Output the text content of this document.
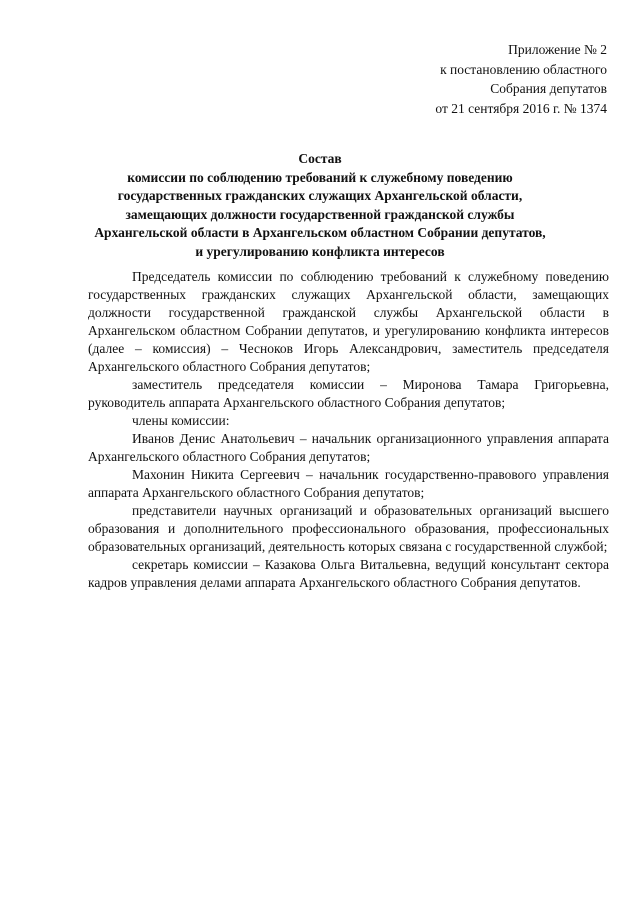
Приложение № 2
к постановлению областного
Собрания депутатов
от 21 сентября 2016 г. № 1374
Состав
комиссии по соблюдению требований к служебному поведению
государственных гражданских служащих Архангельской области,
замещающих должности государственной гражданской службы
Архангельской области в Архангельском областном Собрании депутатов,
и урегулированию конфликта интересов

Председатель комиссии по соблюдению требований к служебному поведению государственных гражданских служащих Архангельской области, замещающих должности государственной гражданской службы Архангельской области в Архангельском областном Собрании депутатов, и урегулированию конфликта интересов (далее – комиссия) – Чесноков Игорь Александрович, заместитель председателя Архангельского областного Собрания депутатов;

заместитель председателя комиссии – Миронова Тамара Григорьевна, руководитель аппарата Архангельского областного Собрания депутатов;

члены комиссии:

Иванов Денис Анатольевич – начальник организационного управления аппарата Архангельского областного Собрания депутатов;

Махонин Никита Сергеевич – начальник государственно-правового управления аппарата Архангельского областного Собрания депутатов;

представители научных организаций и образовательных организаций высшего образования и дополнительного профессионального образования, профессиональных образовательных организаций, деятельность которых связана с государственной службой;

секретарь комиссии – Казакова Ольга Витальевна, ведущий консультант сектора кадров управления делами аппарата Архангельского областного Собрания депутатов.
